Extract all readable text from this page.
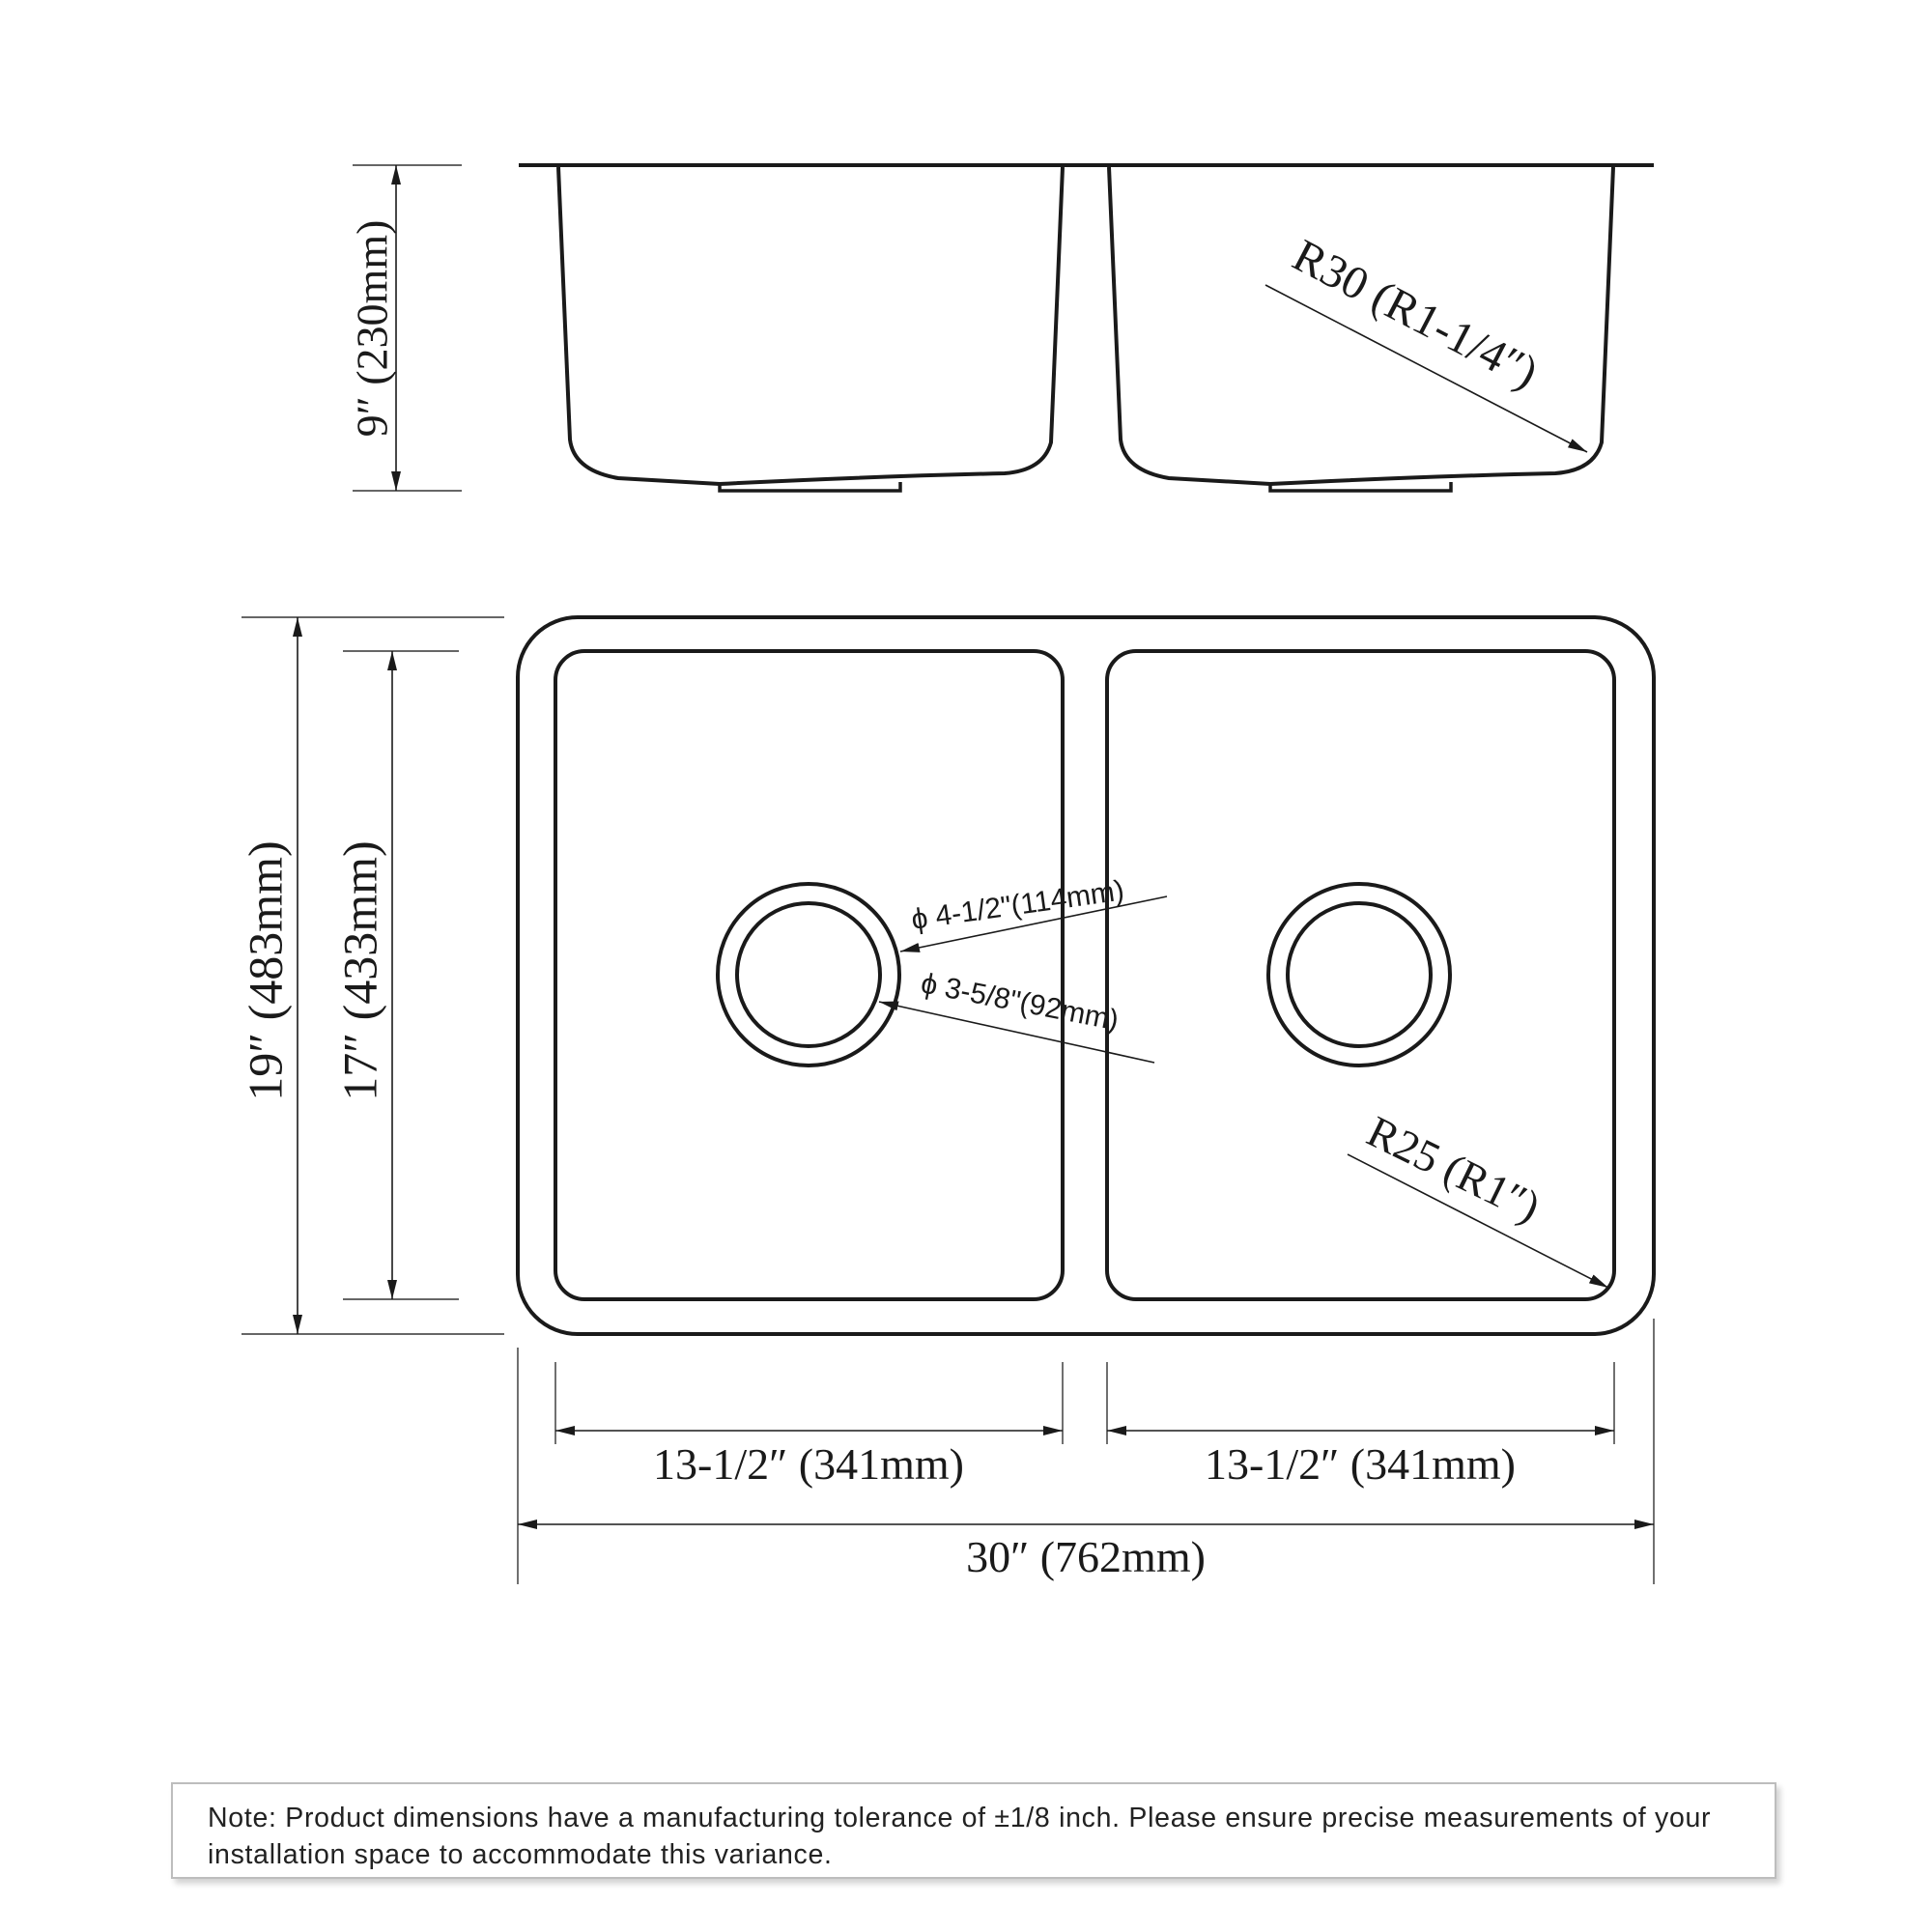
9″ (230mm)	R30 (R1-1/4″)
ϕ 4-1/2"(114mm)
ϕ 3-5/8"(92mm)
R25 (R1″)
19″ (483mm) 17″ (433mm)
13-1/2″ (341mm)	13-1/2″ (341mm)
30″ (762mm)

Note: Product dimensions have a manufacturing tolerance of ±1/8 inch. Please ensure precise measurements of your installation space to accommodate this variance.
